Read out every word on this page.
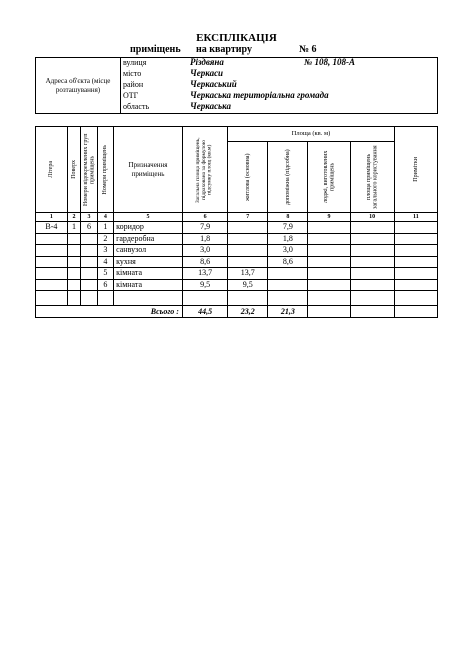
ЕКСПЛІКАЦІЯ
приміщень на квартиру	№ 6
Адреса об'єкта (місце розташування)	
вулиця	Різдвяна	№ 108, 108-А

місто	Черкаси

район	Черкаський

ОТГ	Черкаська територіальна громада

область	Черкаська
Літера	Поверх	Номери відокремлених груп приміщень	Номери приміщень	Призначення приміщень	Загальна площа приміщень, підрахована за формулою підсумку площ (кв.м)	Площа (кв. м)				Примітки

						житлова (основна)	допоміжна (підсобна)	лоджі, виготовлених приміщень	площа приміщень загального користування	

1	2	3	4	5	6	7	8	9	10	11
В-4	1	6	1	коридор	7,9		7,9			
			2	гардеробна	1,8		1,8			
			3	санвузол	3,0		3,0			
			4	кухня	8,6		8,6			
			5	кімната	13,7	13,7				
			6	кімната	9,5	9,5				

Всього :					44,5	23,2	21,3			
